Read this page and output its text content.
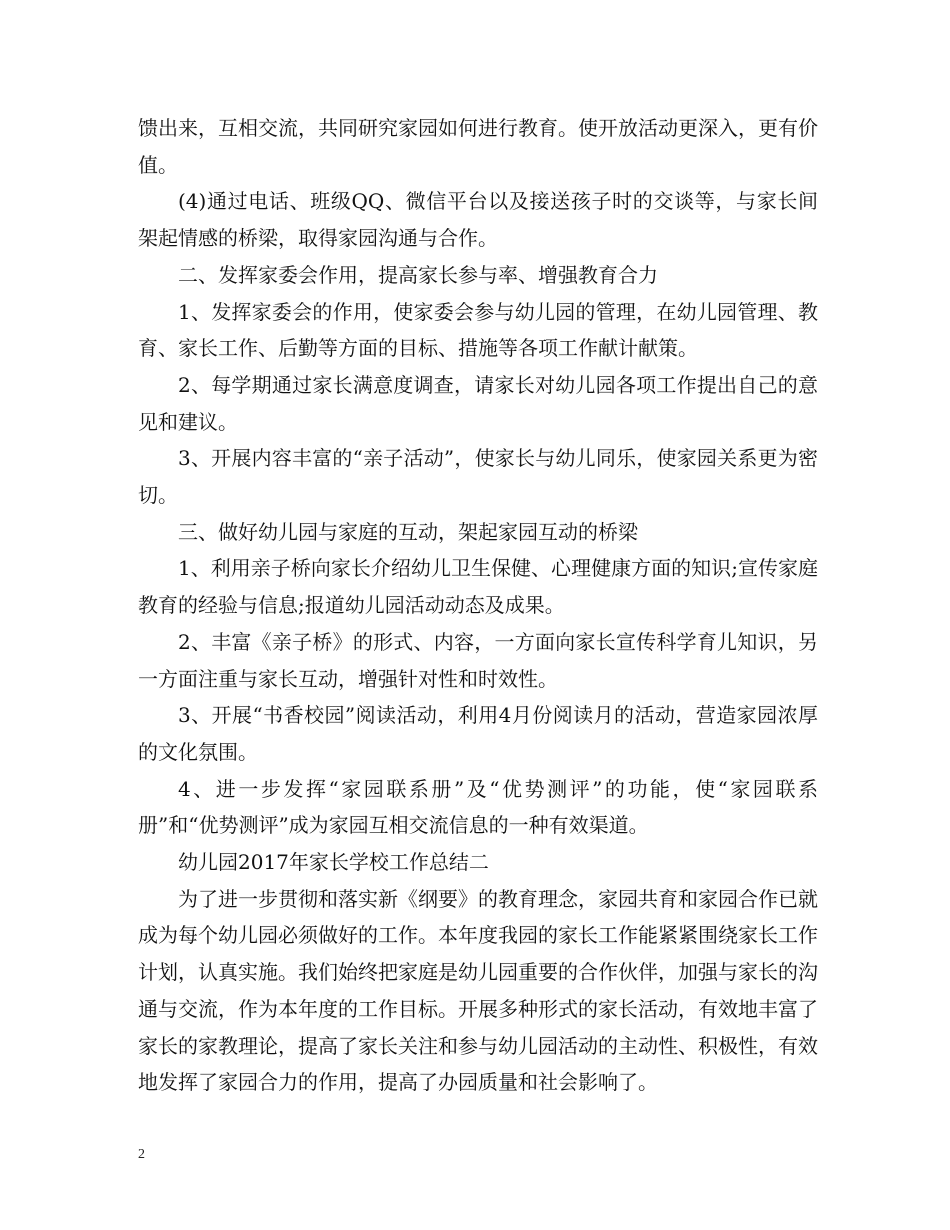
馈出来，互相交流，共同研究家园如何进行教育。使开放活动更深入，更有价值。

(4)通过电话、班级QQ、微信平台以及接送孩子时的交谈等，与家长间架起情感的桥梁，取得家园沟通与合作。

二、发挥家委会作用，提高家长参与率、增强教育合力

1、发挥家委会的作用，使家委会参与幼儿园的管理，在幼儿园管理、教育、家长工作、后勤等方面的目标、措施等各项工作献计献策。

2、每学期通过家长满意度调查，请家长对幼儿园各项工作提出自己的意见和建议。

3、开展内容丰富的“亲子活动”，使家长与幼儿同乐，使家园关系更为密切。

三、做好幼儿园与家庭的互动，架起家园互动的桥梁

1、利用亲子桥向家长介绍幼儿卫生保健、心理健康方面的知识;宣传家庭教育的经验与信息;报道幼儿园活动动态及成果。

2、丰富《亲子桥》的形式、内容，一方面向家长宣传科学育儿知识，另一方面注重与家长互动，增强针对性和时效性。

3、开展“书香校园”阅读活动，利用4月份阅读月的活动，营造家园浓厚的文化氛围。

4、进一步发挥“家园联系册”及“优势测评”的功能，使“家园联系册”和“优势测评”成为家园互相交流信息的一种有效渠道。

幼儿园2017年家长学校工作总结二

为了进一步贯彻和落实新《纲要》的教育理念，家园共育和家园合作已就成为每个幼儿园必须做好的工作。本年度我园的家长工作能紧紧围绕家长工作计划，认真实施。我们始终把家庭是幼儿园重要的合作伙伴，加强与家长的沟通与交流，作为本年度的工作目标。开展多种形式的家长活动，有效地丰富了家长的家教理论，提高了家长关注和参与幼儿园活动的主动性、积极性，有效地发挥了家园合力的作用，提高了办园质量和社会影响了。

2
